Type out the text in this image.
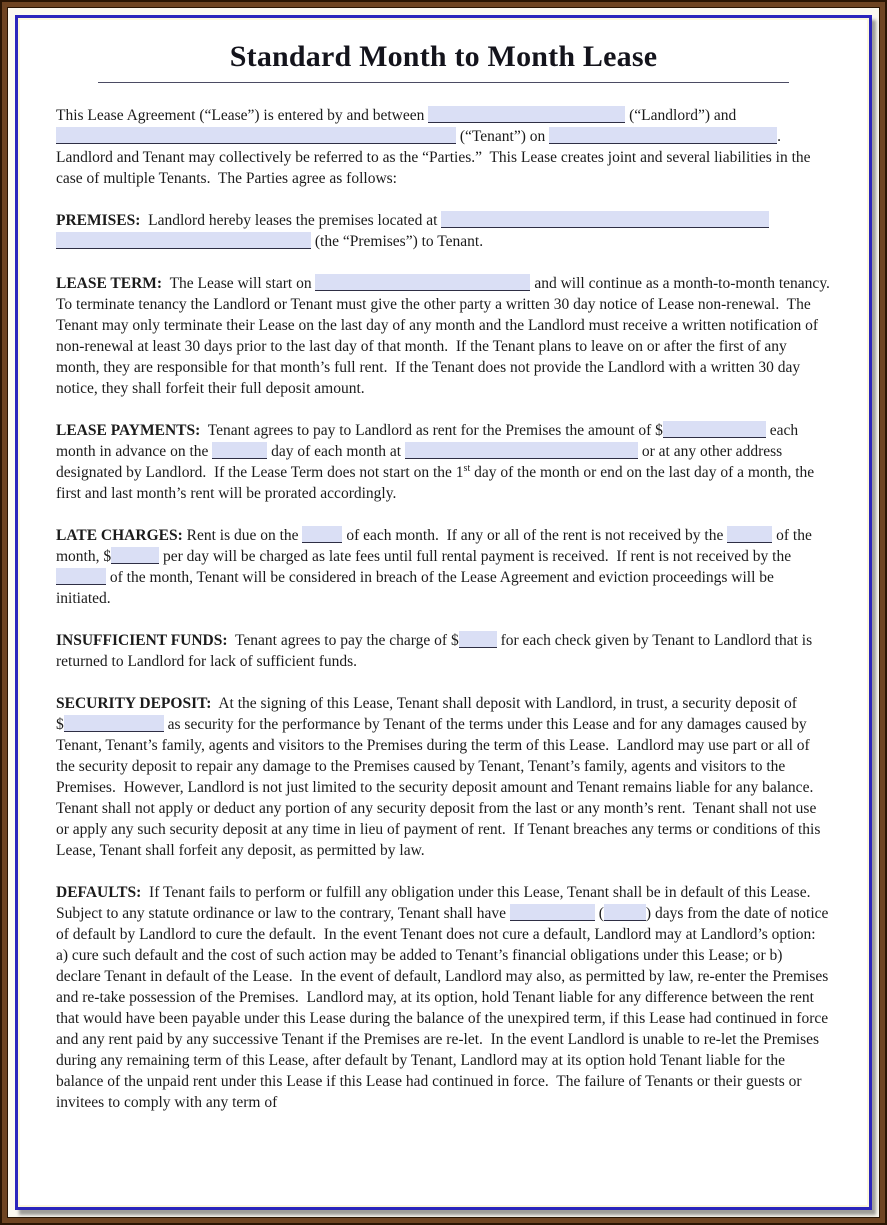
Standard Month to Month Lease
This Lease Agreement (“Lease”) is entered by and between	(“Landlord”) and  (“Tenant”) on	.  Landlord and Tenant may collectively be referred to as the “Parties.”  This Lease creates joint and several liabilities in the case of multiple Tenants.  The Parties agree as follows:
PREMISES:  Landlord hereby leases the premises located at   (the “Premises”) to Tenant.
LEASE TERM:  The Lease will start on	and will continue as a month-to-month tenancy.  To terminate tenancy the Landlord or Tenant must give the other party a written 30 day notice of Lease non-renewal.  The Tenant may only terminate their Lease on the last day of any month and the Landlord must receive a written notification of non-renewal at least 30 days prior to the last day of that month.  If the Tenant plans to leave on or after the first of any month, they are responsible for that month’s full rent.  If the Tenant does not provide the Landlord with a written 30 day notice, they shall forfeit their full deposit amount.
LEASE PAYMENTS:  Tenant agrees to pay to Landlord as rent for the Premises the amount of $	each month in advance on the	day of each month at	or at any other address designated by Landlord.  If the Lease Term does not start on the 1st day of the month or end on the last day of a month, the first and last month’s rent will be prorated accordingly.
LATE CHARGES: Rent is due on the	of each month.  If any or all of the rent is not received by the	of the month, $	per day will be charged as late fees until full rental payment is received.  If rent is not received by the  of the month, Tenant will be considered in breach of the Lease Agreement and eviction proceedings will be initiated.
INSUFFICIENT FUNDS:  Tenant agrees to pay the charge of $ for each check given by Tenant to Landlord that is returned to Landlord for lack of sufficient funds.
SECURITY DEPOSIT:  At the signing of this Lease, Tenant shall deposit with Landlord, in trust, a security deposit of $	as security for the performance by Tenant of the terms under this Lease and for any damages caused by Tenant, Tenant’s family, agents and visitors to the Premises during the term of this Lease.  Landlord may use part or all of the security deposit to repair any damage to the Premises caused by Tenant, Tenant’s family, agents and visitors to the Premises.  However, Landlord is not just limited to the security deposit amount and Tenant remains liable for any balance.  Tenant shall not apply or deduct any portion of any security deposit from the last or any month’s rent.  Tenant shall not use or apply any such security deposit at any time in lieu of payment of rent.  If Tenant breaches any terms or conditions of this Lease, Tenant shall forfeit any deposit, as permitted by law.
DEFAULTS:  If Tenant fails to perform or fulfill any obligation under this Lease, Tenant shall be in default of this Lease.  Subject to any statute ordinance or law to the contrary, Tenant shall have	(	) days from the date of notice of default by Landlord to cure the default.  In the event Tenant does not cure a default, Landlord may at Landlord’s option: a) cure such default and the cost of such action may be added to Tenant’s financial obligations under this Lease; or b) declare Tenant in default of the Lease.  In the event of default, Landlord may also, as permitted by law, re-enter the Premises and re-take possession of the Premises.  Landlord may, at its option, hold Tenant liable for any difference between the rent that would have been payable under this Lease during the balance of the unexpired term, if this Lease had continued in force and any rent paid by any successive Tenant if the Premises are re-let.  In the event Landlord is unable to re-let the Premises during any remaining term of this Lease, after default by Tenant, Landlord may at its option hold Tenant liable for the balance of the unpaid rent under this Lease if this Lease had continued in force.  The failure of Tenants or their guests or invitees to comply with any term of
